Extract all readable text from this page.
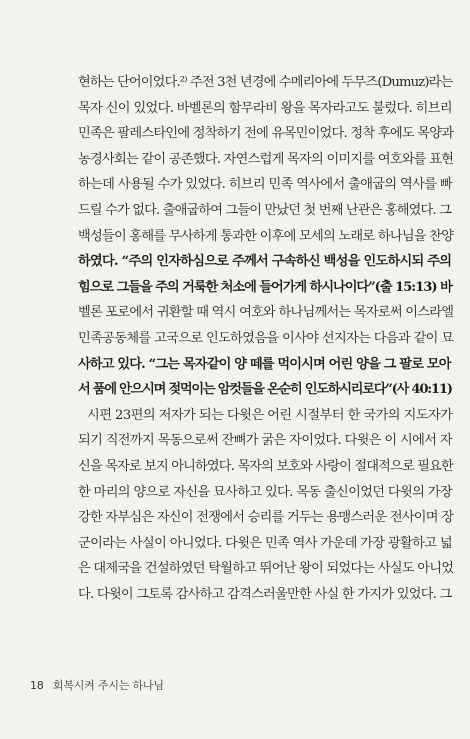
현하는 단어이었다.²⁾ 주전 3천 년경에 수메리아에 두무즈(Dumuz)라는
목자 신이 있었다. 바벨론의 함무라비 왕을 목자라고도 불렀다. 히브리
민족은 팔레스타인에 정착하기 전에 유목민이었다. 정착 후에도 목양과
농경사회는 같이 공존했다. 자연스럽게 목자의 이미지를 여호와를 표현
하는데 사용될 수가 있었다. 히브리 민족 역사에서 출애굽의 역사를 빠
드릴 수가 없다. 출애굽하여 그들이 만났던 첫 번째 난관은 홍해였다. 그
백성들이 홍해를 무사하게 통과한 이후에 모세의 노래로 하나님을 찬양
하였다. “주의 인자하심으로 주께서 구속하신 백성을 인도하시되 주의
힘으로 그들을 주의 거룩한 처소에 들어가게 하시나이다”(출 15:13) 바
벨론 포로에서 귀환할 때 역시 여호와 하나님께서는 목자로써 이스라엘
민족공동체를 고국으로 인도하였음을 이사야 선지자는 다음과 같이 묘
사하고 있다. “그는 목자같이 양 떼를 먹이시며 어린 양을 그 팔로 모아
서 품에 안으시며 젖먹이는 암컷들을 온순히 인도하시리로다”(사 40:11)
시편 23편의 저자가 되는 다윗은 어린 시절부터 한 국가의 지도자가
되기 직전까지 목동으로써 잔뼈가 굵은 자이었다. 다윗은 이 시에서 자
신을 목자로 보지 아니하였다. 목자의 보호와 사랑이 절대적으로 필요한
한 마리의 양으로 자신을 묘사하고 있다. 목동 출신이었던 다윗의 가장
강한 자부심은 자신이 전쟁에서 승리를 거두는 용맹스러운 전사이며 장
군이라는 사실이 아니었다. 다윗은 민족 역사 가운데 가장 광활하고 넓
은 대제국을 건설하였던 탁월하고 뛰어난 왕이 되었다는 사실도 아니었
다. 다윗이 그토록 감사하고 감격스러울만한 사실 한 가지가 있었다. 그
18 회복시켜 주시는 하나님
